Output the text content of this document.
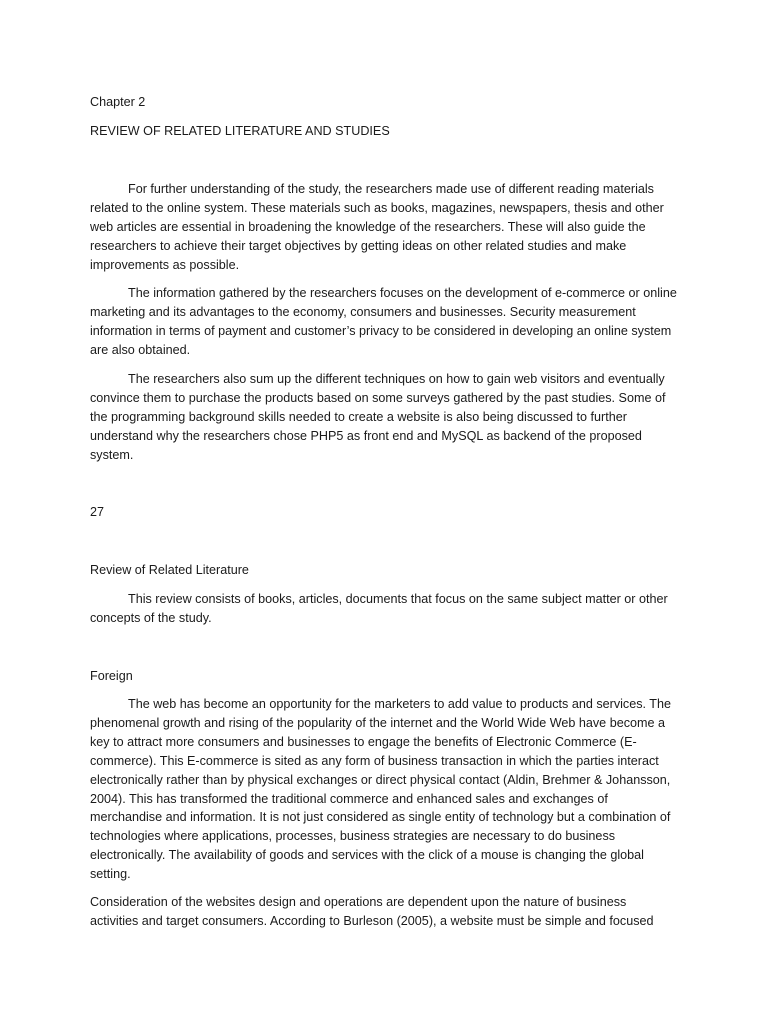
Chapter 2

REVIEW OF RELATED LITERATURE AND STUDIES

For further understanding of the study, the researchers made use of different reading materials related to the online system. These materials such as books, magazines, newspapers, thesis and other web articles are essential in broadening the knowledge of the researchers. These will also guide the researchers to achieve their target objectives by getting ideas on other related studies and make improvements as possible.

The information gathered by the researchers focuses on the development of e-commerce or online marketing and its advantages to the economy, consumers and businesses. Security measurement information in terms of payment and customer’s privacy to be considered in developing an online system are also obtained.

The researchers also sum up the different techniques on how to gain web visitors and eventually convince them to purchase the products based on some surveys gathered by the past studies. Some of the programming background skills needed to create a website is also being discussed to further understand why the researchers chose PHP5 as front end and MySQL as backend of the proposed system.

27

Review of Related Literature

This review consists of books, articles, documents that focus on the same subject matter or other concepts of the study.

Foreign

The web has become an opportunity for the marketers to add value to products and services. The phenomenal growth and rising of the popularity of the internet and the World Wide Web have become a key to attract more consumers and businesses to engage the benefits of Electronic Commerce (E-commerce). This E-commerce is sited as any form of business transaction in which the parties interact electronically rather than by physical exchanges or direct physical contact (Aldin, Brehmer & Johansson, 2004). This has transformed the traditional commerce and enhanced sales and exchanges of merchandise and information. It is not just considered as single entity of technology but a combination of technologies where applications, processes, business strategies are necessary to do business electronically. The availability of goods and services with the click of a mouse is changing the global setting.

Consideration of the websites design and operations are dependent upon the nature of business activities and target consumers. According to Burleson (2005), a website must be simple and focused
